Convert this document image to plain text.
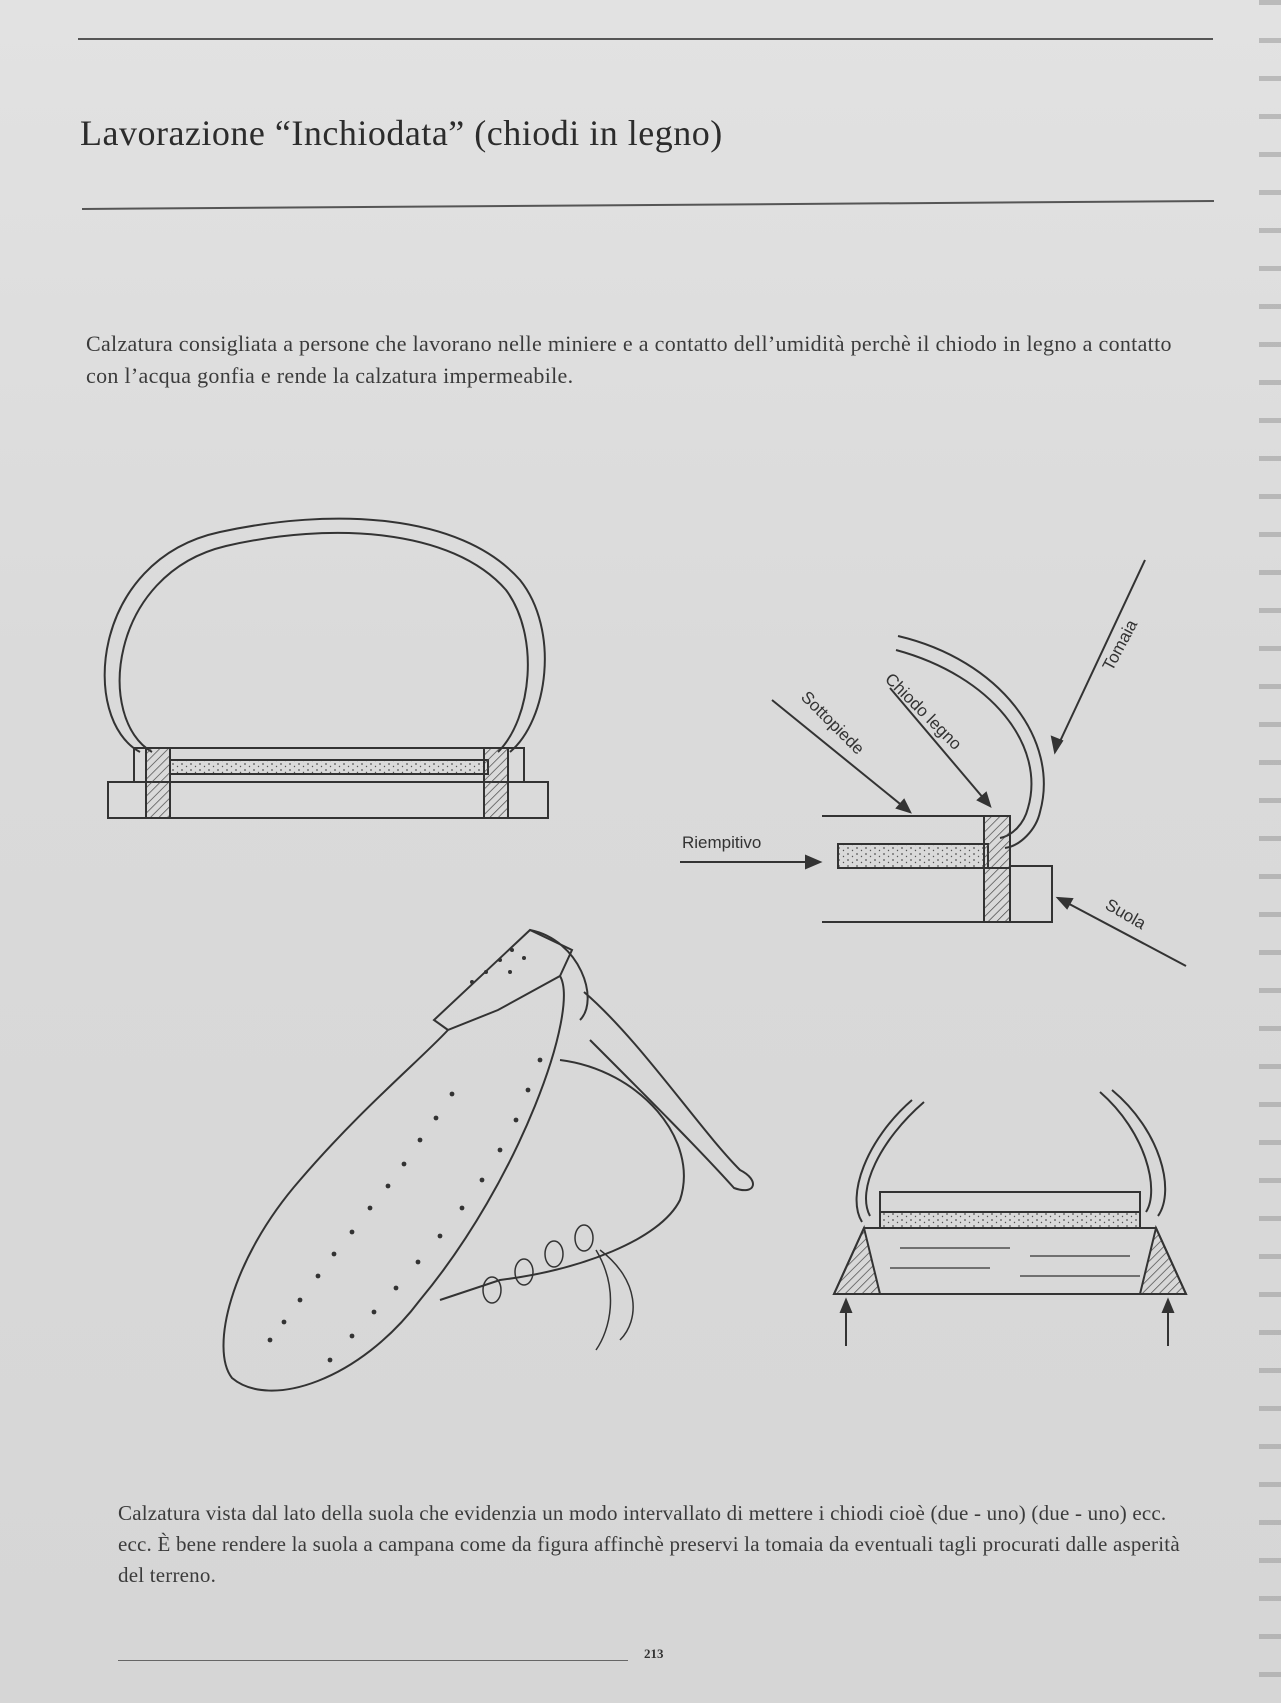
Lavorazione “Inchiodata” (chiodi in legno)

Calzatura consigliata a persone che lavorano nelle miniere e a contatto dell’umidità perchè il chiodo in legno a contatto con l’acqua gonfia e rende la calzatura impermeabile.

Tomaia
Chiodo legno
Sottopiede
Riempitivo
Suola

Calzatura vista dal lato della suola che evidenzia un modo intervallato di mettere i chiodi cioè (due - uno) (due - uno) ecc. ecc. È bene rendere la suola a campana come da figura affinchè preservi la tomaia da eventuali tagli procurati dalle asperità del terreno.

213
